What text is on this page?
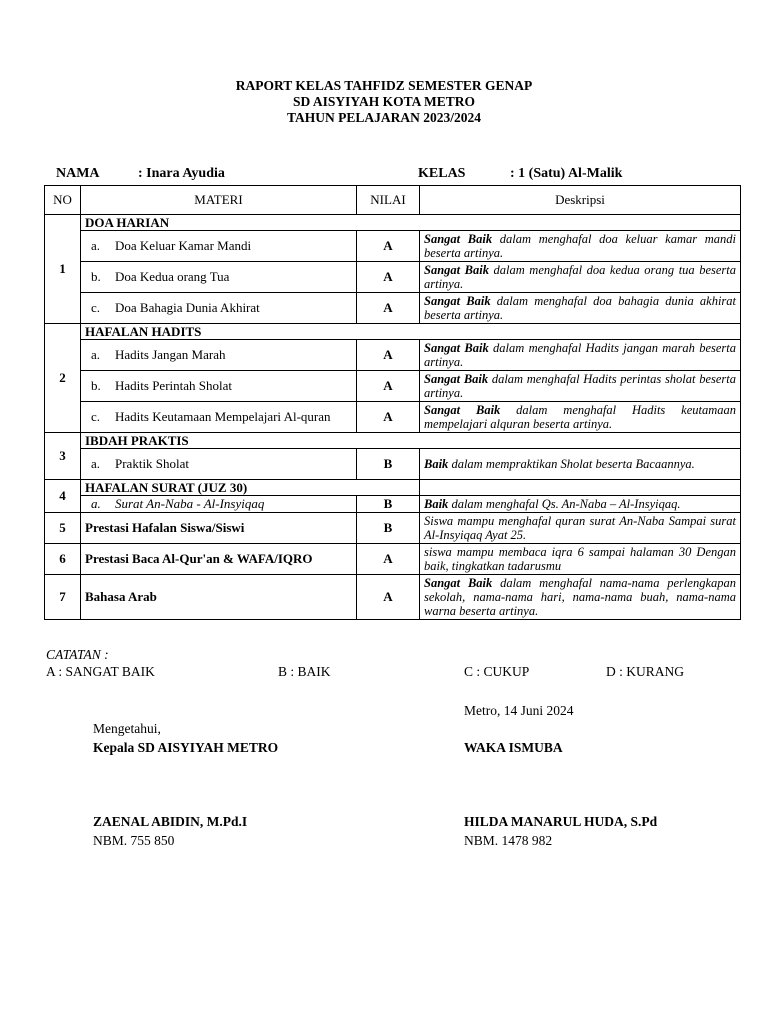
RAPORT KELAS TAHFIDZ SEMESTER GENAP
SD AISYIYAH KOTA METRO
TAHUN PELAJARAN 2023/2024
NAMA	: Inara Ayudia	KELAS	: 1 (Satu) Al-Malik
NO	MATERI	NILAI	Deskripsi
1	DOA HARIAN		

	a. Doa Keluar Kamar Mandi	A	Sangat Baik dalam menghafal doa keluar kamar mandi beserta artinya.

	b. Doa Kedua orang Tua	A	Sangat Baik dalam menghafal doa kedua orang tua beserta artinya.

	c. Doa Bahagia Dunia Akhirat	A	Sangat Baik dalam menghafal doa bahagia dunia akhirat beserta artinya.
2	HAFALAN HADITS		

	a. Hadits Jangan Marah	A	Sangat Baik dalam menghafal Hadits jangan marah beserta artinya.

	b. Hadits Perintah Sholat	A	Sangat Baik dalam menghafal Hadits perintas sholat beserta artinya.

	c. Hadits Keutamaan Mempelajari Al-quran	A	Sangat Baik dalam menghafal Hadits keutamaan mempelajari alquran beserta artinya.
3	IBDAH PRAKTIS		

	a. Praktik Sholat	B	Baik dalam mempraktikan Sholat beserta Bacaannya.
4	HAFALAN SURAT (JUZ 30)		

	a. Surat An-Naba - Al-Insyiqaq	B	Baik dalam menghafal Qs. An-Naba – Al-Insyiqaq.
5	Prestasi Hafalan Siswa/Siswi	B	Siswa mampu menghafal quran surat An-Naba Sampai surat Al-Insyiqaq Ayat 25.
6	Prestasi Baca Al-Qur'an & WAFA/IQRO	A	siswa mampu membaca iqra 6 sampai halaman 30 Dengan baik, tingkatkan tadarusmu
7	Bahasa Arab	A	Sangat Baik dalam menghafal nama-nama perlengkapan sekolah, nama-nama hari, nama-nama buah, nama-nama warna beserta artinya.
CATATAN :
A : SANGAT BAIK	B : BAIK	C : CUKUP	D : KURANG
Metro, 14 Juni 2024
Mengetahui,
Kepala SD AISYIYAH METRO	WAKA ISMUBA
ZAENAL ABIDIN, M.Pd.I
NBM. 755 850
HILDA MANARUL HUDA, S.Pd
NBM. 1478 982
